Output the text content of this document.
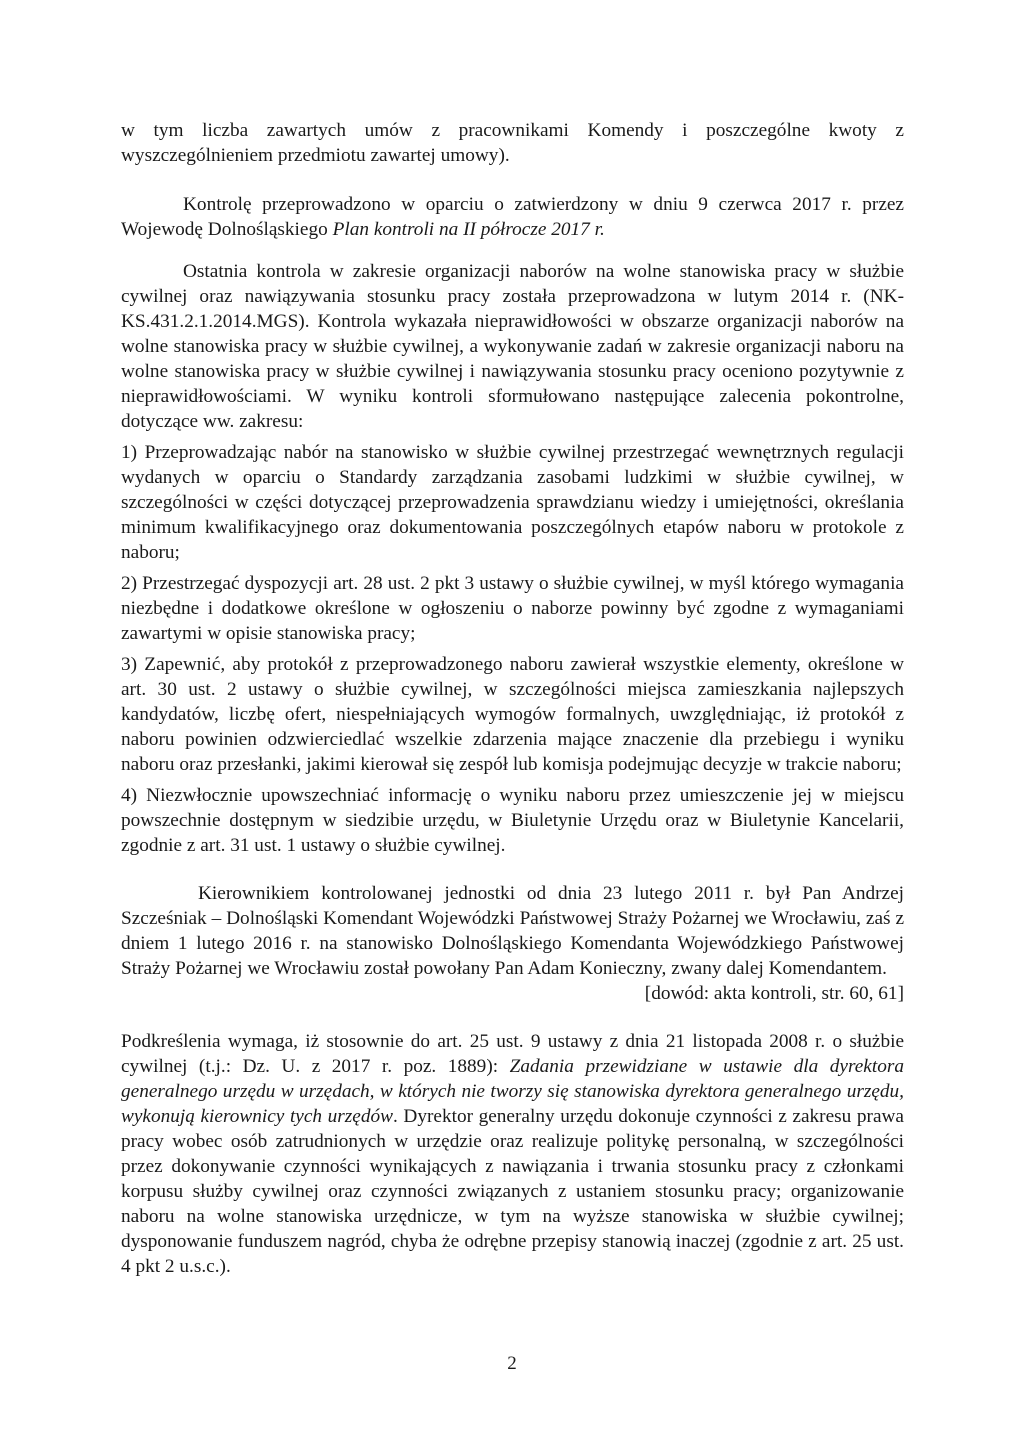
w tym liczba zawartych umów z pracownikami Komendy i poszczególne kwoty z wyszczególnieniem przedmiotu zawartej umowy).

Kontrolę przeprowadzono w oparciu o zatwierdzony w dniu 9 czerwca 2017 r. przez Wojewodę Dolnośląskiego Plan kontroli na II półrocze 2017 r.

Ostatnia kontrola w zakresie organizacji naborów na wolne stanowiska pracy w służbie cywilnej oraz nawiązywania stosunku pracy została przeprowadzona w lutym 2014 r. (NK-KS.431.2.1.2014.MGS). Kontrola wykazała nieprawidłowości w obszarze organizacji naborów na wolne stanowiska pracy w służbie cywilnej, a wykonywanie zadań w zakresie organizacji naboru na wolne stanowiska pracy w służbie cywilnej i nawiązywania stosunku pracy oceniono pozytywnie z nieprawidłowościami. W wyniku kontroli sformułowano następujące zalecenia pokontrolne, dotyczące ww. zakresu:

1) Przeprowadzając nabór na stanowisko w służbie cywilnej przestrzegać wewnętrznych regulacji wydanych w oparciu o Standardy zarządzania zasobami ludzkimi w służbie cywilnej, w szczególności w części dotyczącej przeprowadzenia sprawdzianu wiedzy i umiejętności, określania minimum kwalifikacyjnego oraz dokumentowania poszczególnych etapów naboru w protokole z naboru;

2) Przestrzegać dyspozycji art. 28 ust. 2 pkt 3 ustawy o służbie cywilnej, w myśl którego wymagania niezbędne i dodatkowe określone w ogłoszeniu o naborze powinny być zgodne z wymaganiami zawartymi w opisie stanowiska pracy;

3) Zapewnić, aby protokół z przeprowadzonego naboru zawierał wszystkie elementy, określone w art. 30 ust. 2 ustawy o służbie cywilnej, w szczególności miejsca zamieszkania najlepszych kandydatów, liczbę ofert, niespełniających wymogów formalnych, uwzględniając, iż protokół z naboru powinien odzwierciedlać wszelkie zdarzenia mające znaczenie dla przebiegu i wyniku naboru oraz przesłanki, jakimi kierował się zespół lub komisja podejmując decyzje w trakcie naboru;

4) Niezwłocznie upowszechniać informację o wyniku naboru przez umieszczenie jej w miejscu powszechnie dostępnym w siedzibie urzędu, w Biuletynie Urzędu oraz w Biuletynie Kancelarii, zgodnie z art. 31 ust. 1 ustawy o służbie cywilnej.

Kierownikiem kontrolowanej jednostki od dnia 23 lutego 2011 r. był Pan Andrzej Szcześniak – Dolnośląski Komendant Wojewódzki Państwowej Straży Pożarnej we Wrocławiu, zaś z dniem 1 lutego 2016 r. na stanowisko Dolnośląskiego Komendanta Wojewódzkiego Państwowej Straży Pożarnej we Wrocławiu został powołany Pan Adam Konieczny, zwany dalej Komendantem.

[dowód: akta kontroli, str. 60, 61]

Podkreślenia wymaga, iż stosownie do art. 25 ust. 9 ustawy z dnia 21 listopada 2008 r. o służbie cywilnej (t.j.: Dz. U. z 2017 r. poz. 1889): Zadania przewidziane w ustawie dla dyrektora generalnego urzędu w urzędach, w których nie tworzy się stanowiska dyrektora generalnego urzędu, wykonują kierownicy tych urzędów. Dyrektor generalny urzędu dokonuje czynności z zakresu prawa pracy wobec osób zatrudnionych w urzędzie oraz realizuje politykę personalną, w szczególności przez dokonywanie czynności wynikających z nawiązania i trwania stosunku pracy z członkami korpusu służby cywilnej oraz czynności związanych z ustaniem stosunku pracy; organizowanie naboru na wolne stanowiska urzędnicze, w tym na wyższe stanowiska w służbie cywilnej; dysponowanie funduszem nagród, chyba że odrębne przepisy stanowią inaczej (zgodnie z art. 25 ust. 4 pkt 2 u.s.c.).

2
